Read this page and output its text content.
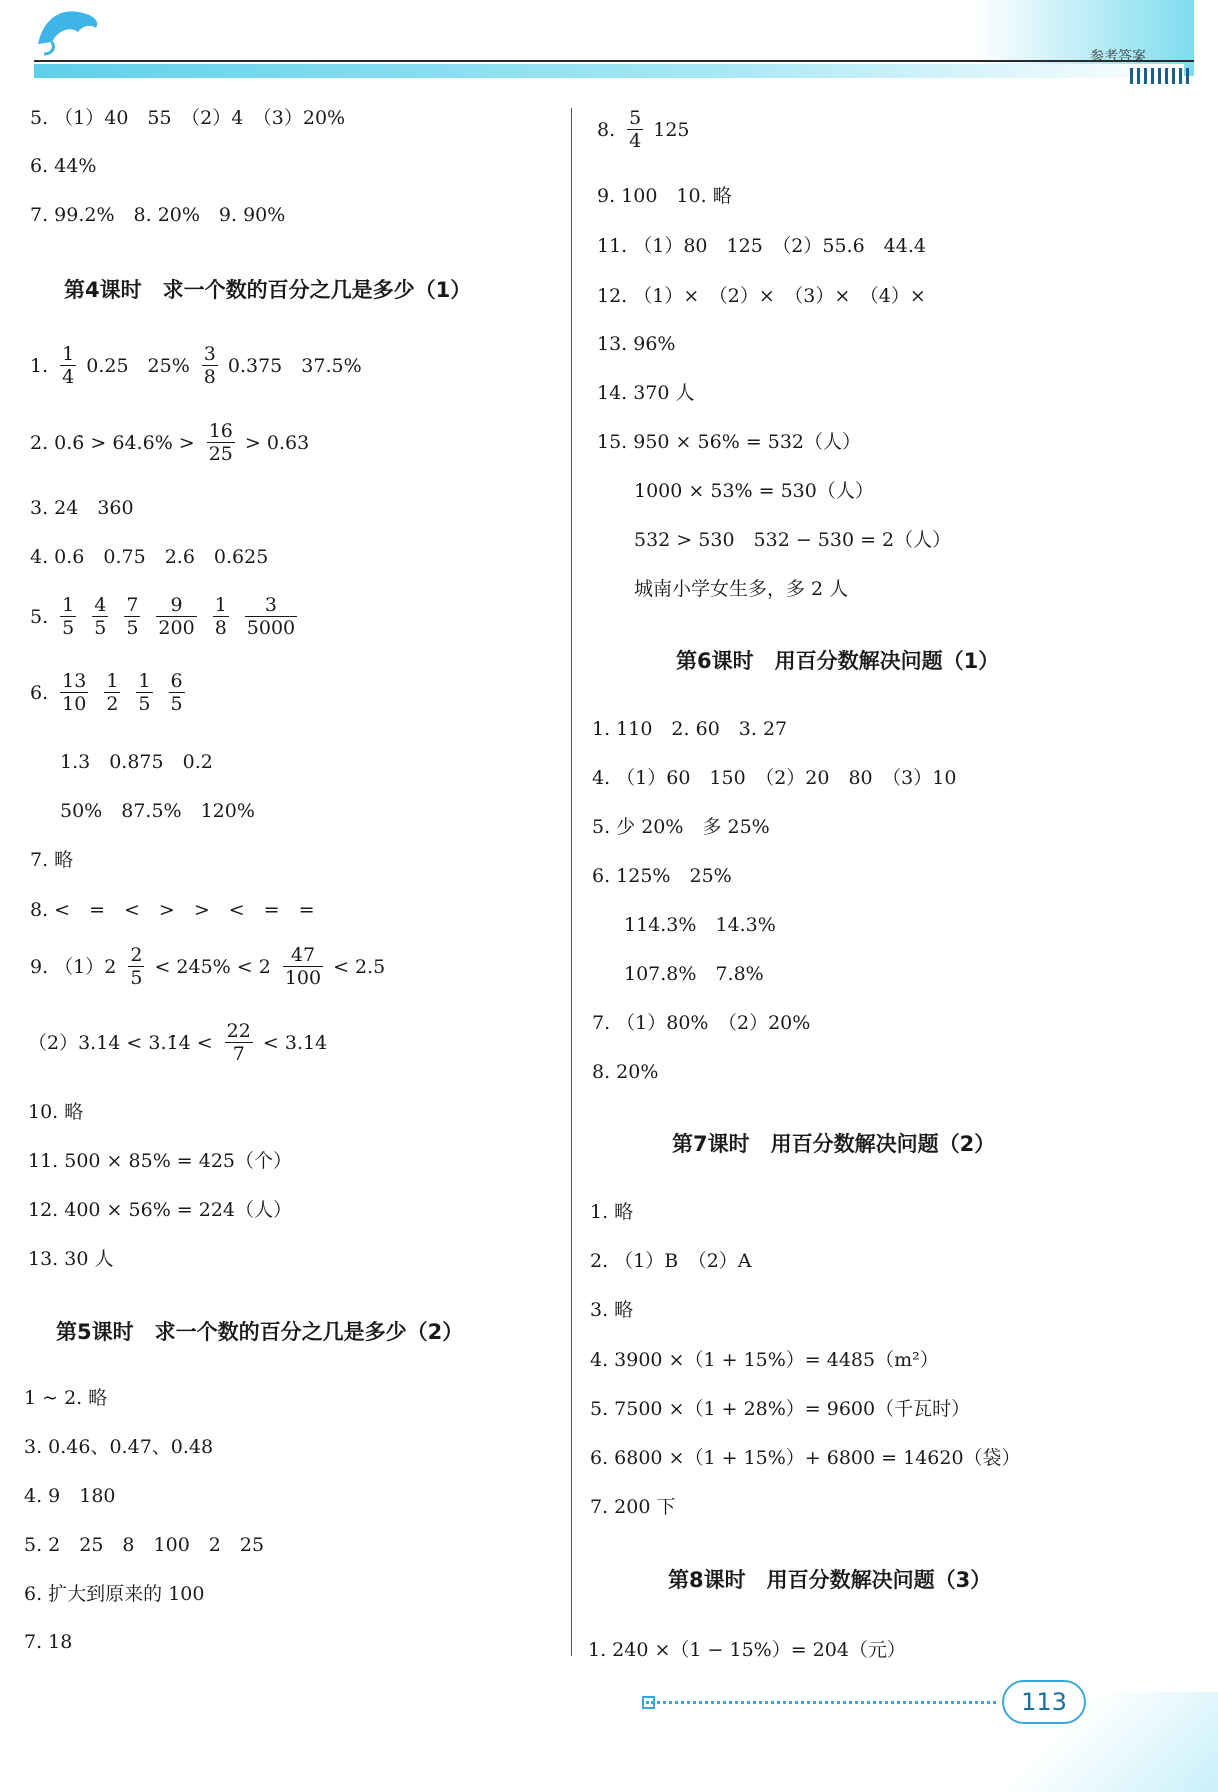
参考答案
5. （1）40　55　（2）4　（3）20%
6. 44%
7. 99.2%　8. 20%　9. 90%
第4课时　求一个数的百分之几是多少（1）
1. $\frac{1}{4} 0.25$　$25\% \frac{3}{8} 0.375$　37.5%
2. 0.6̇ > $64.6\% > \frac{16}{25} > 0.63$
3. 24　360
4. 0.6　0.75　2.6　0.625
5. $\frac{1}{5} \frac{4}{5} \frac{7}{5} \frac{9}{200} \frac{1}{8} \frac{3}{5000}$
6. $\frac{13}{10} \frac{1}{2} \frac{1}{5} \frac{6}{5}$
1.3　0.875　0.2
50%　87.5%　120%
7. 略
8. <　=　<　>　>　<　=　=
9. $(1)2 \frac{2}{5} < 245\% < 2 \frac{47}{100} < 2.5$
（2）3.14 < 3.1̇4̇ < $\frac{22}{7}$ < 3.14̇
10. 略
11. 500 × 85% = 425（个）
12. 400 × 56% = 224（人）
13. 30 人
第5课时　求一个数的百分之几是多少（2）
1 ~ 2. 略
3. 0.46、0.47、0.48
4. 9　180
5. 2　25　8　100　2　25
6. 扩大到原来的 100
7. 18
8. $\frac{5}{4} 125$
9. 100　10. 略
11. （1）80　125　（2）55.6　44.4
12. （1）×　（2）×　（3）×　（4）×
13. 96%
14. 370 人
15. 950 × 56% = 532（人）
1000 × 53% = 530（人）
532 > 530　532 − 530 = 2（人）
城南小学女生多，多 2 人
第6课时　用百分数解决问题（1）
1. 110　2. 60　3. 27
4. （1）60　150　（2）20　80　（3）10
5. 少 20%　多 25%
6. 125%　25%
114.3%　14.3%
107.8%　7.8%
7. （1）80%　（2）20%
8. 20%
第7课时　用百分数解决问题（2）
1. 略
2. （1）B　（2）A
3. 略
4. 3900 ×（1 + 15%）= 4485（m²）
5. 7500 ×（1 + 28%）= 9600（千瓦时）
6. 6800 ×（1 + 15%）+ 6800 = 14620（袋）
7. 200 下
第8课时　用百分数解决问题（3）
1. 240 ×（1 − 15%）= 204（元）
113
